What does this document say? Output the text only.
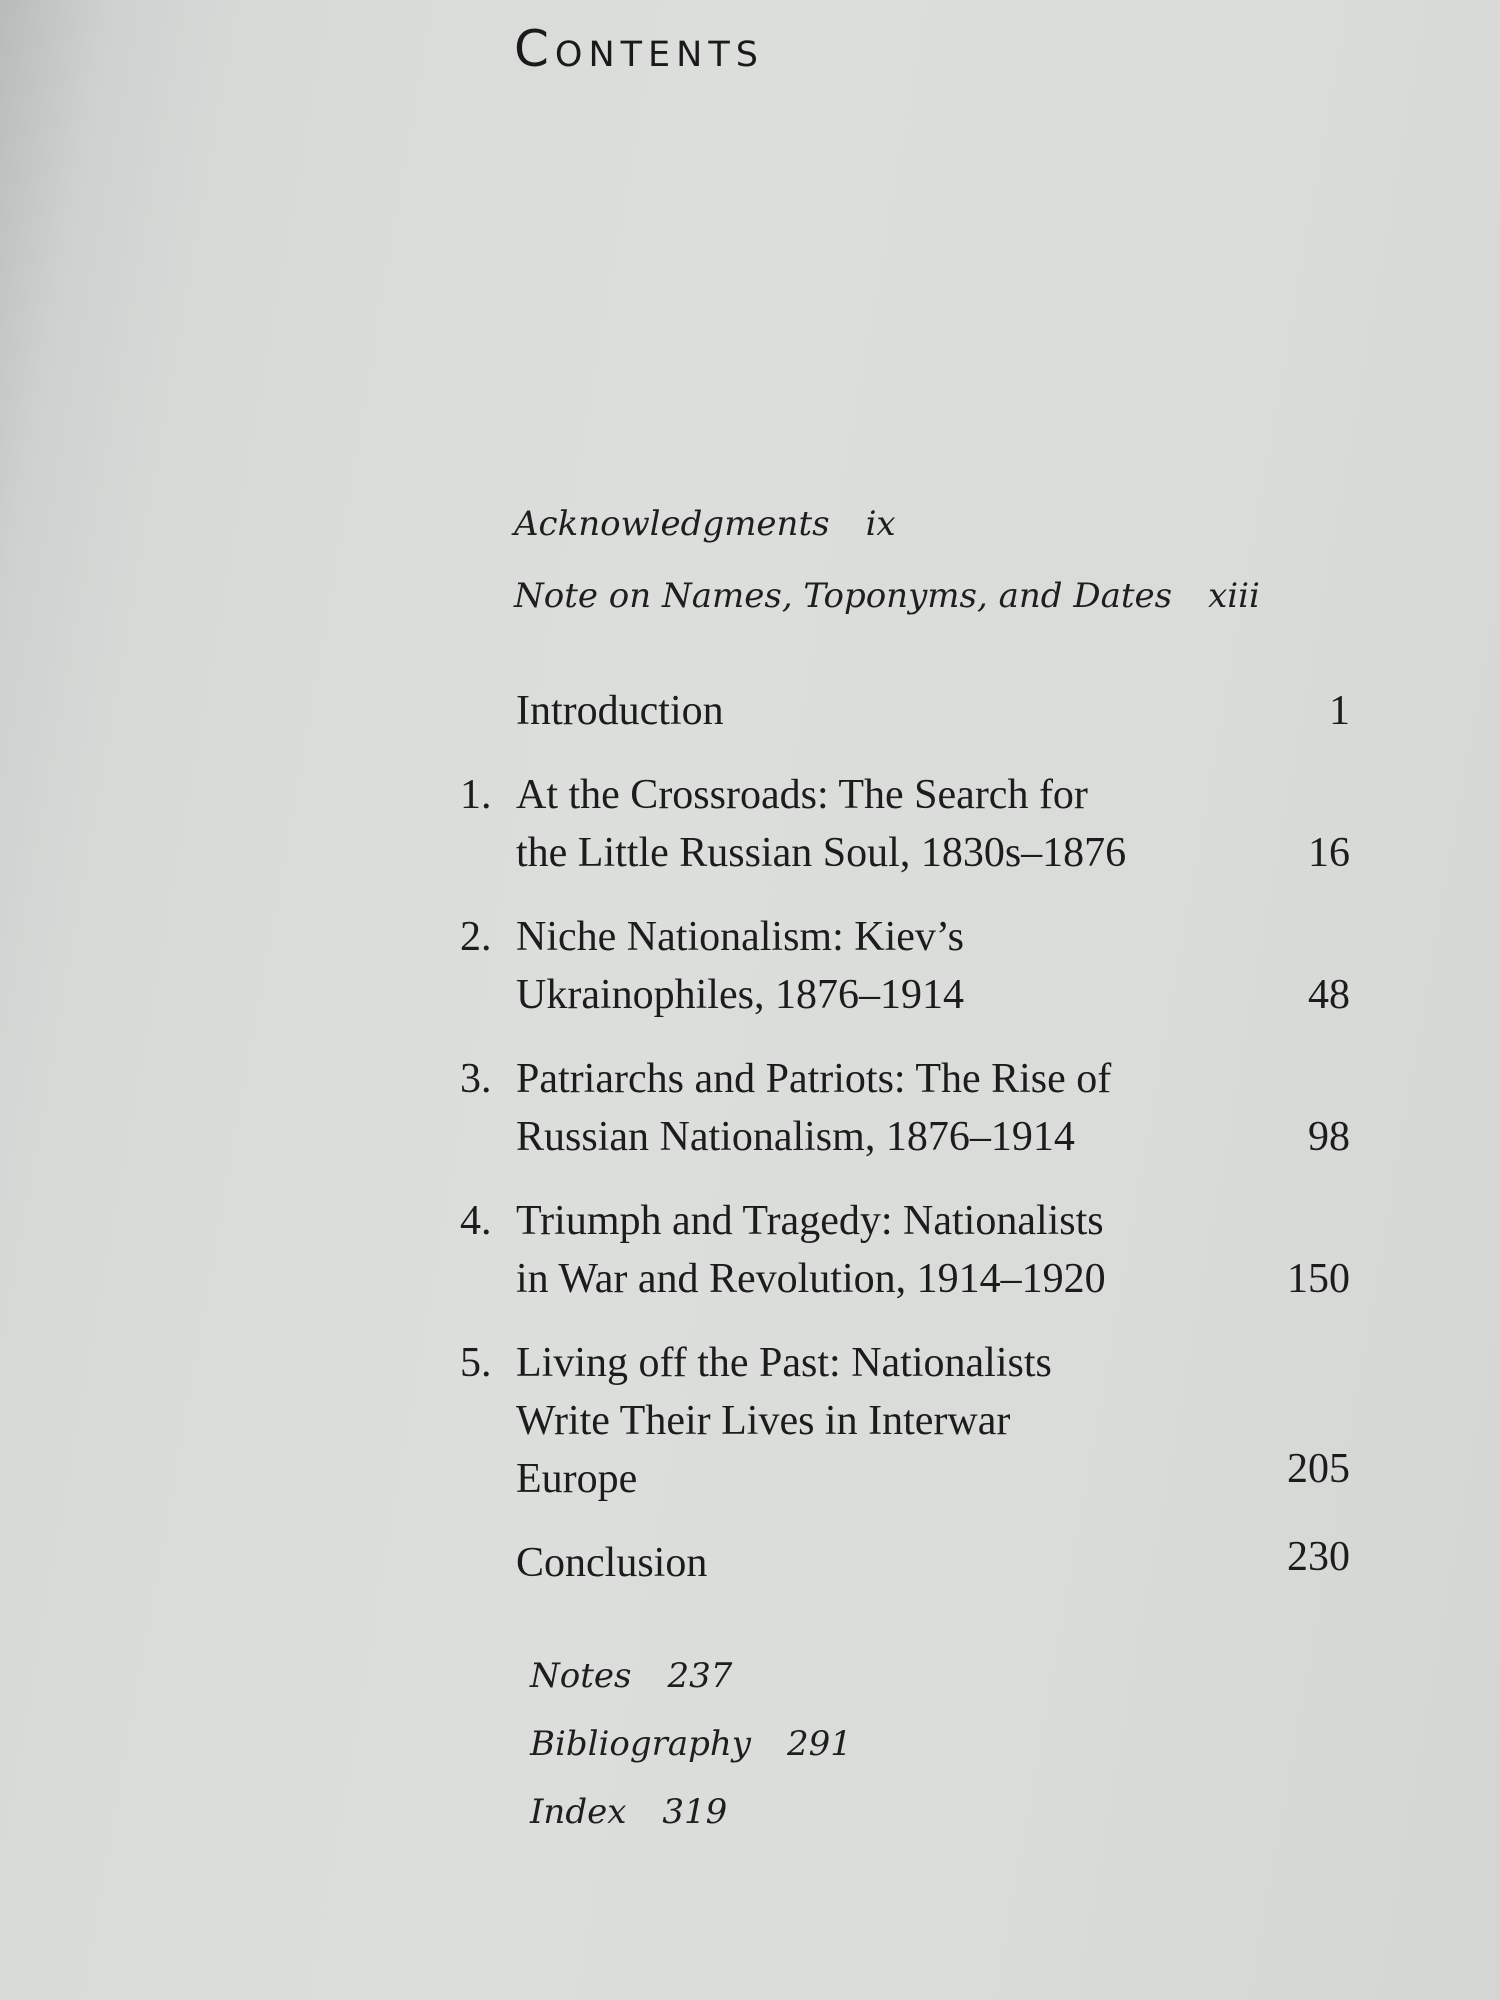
Contents
Acknowledgments ix
Note on Names, Toponyms, and Dates xiii
Introduction	1
1. At the Crossroads: The Search for
the Little Russian Soul, 1830s–1876	16
2. Niche Nationalism: Kiev’s
Ukrainophiles, 1876–1914	48
3. Patriarchs and Patriots: The Rise of
Russian Nationalism, 1876–1914	98
4. Triumph and Tragedy: Nationalists
in War and Revolution, 1914–1920	150
5. Living off the Past: Nationalists
Write Their Lives in Interwar
Europe	205
Conclusion	230
Notes 237
Bibliography 291
Index 319
